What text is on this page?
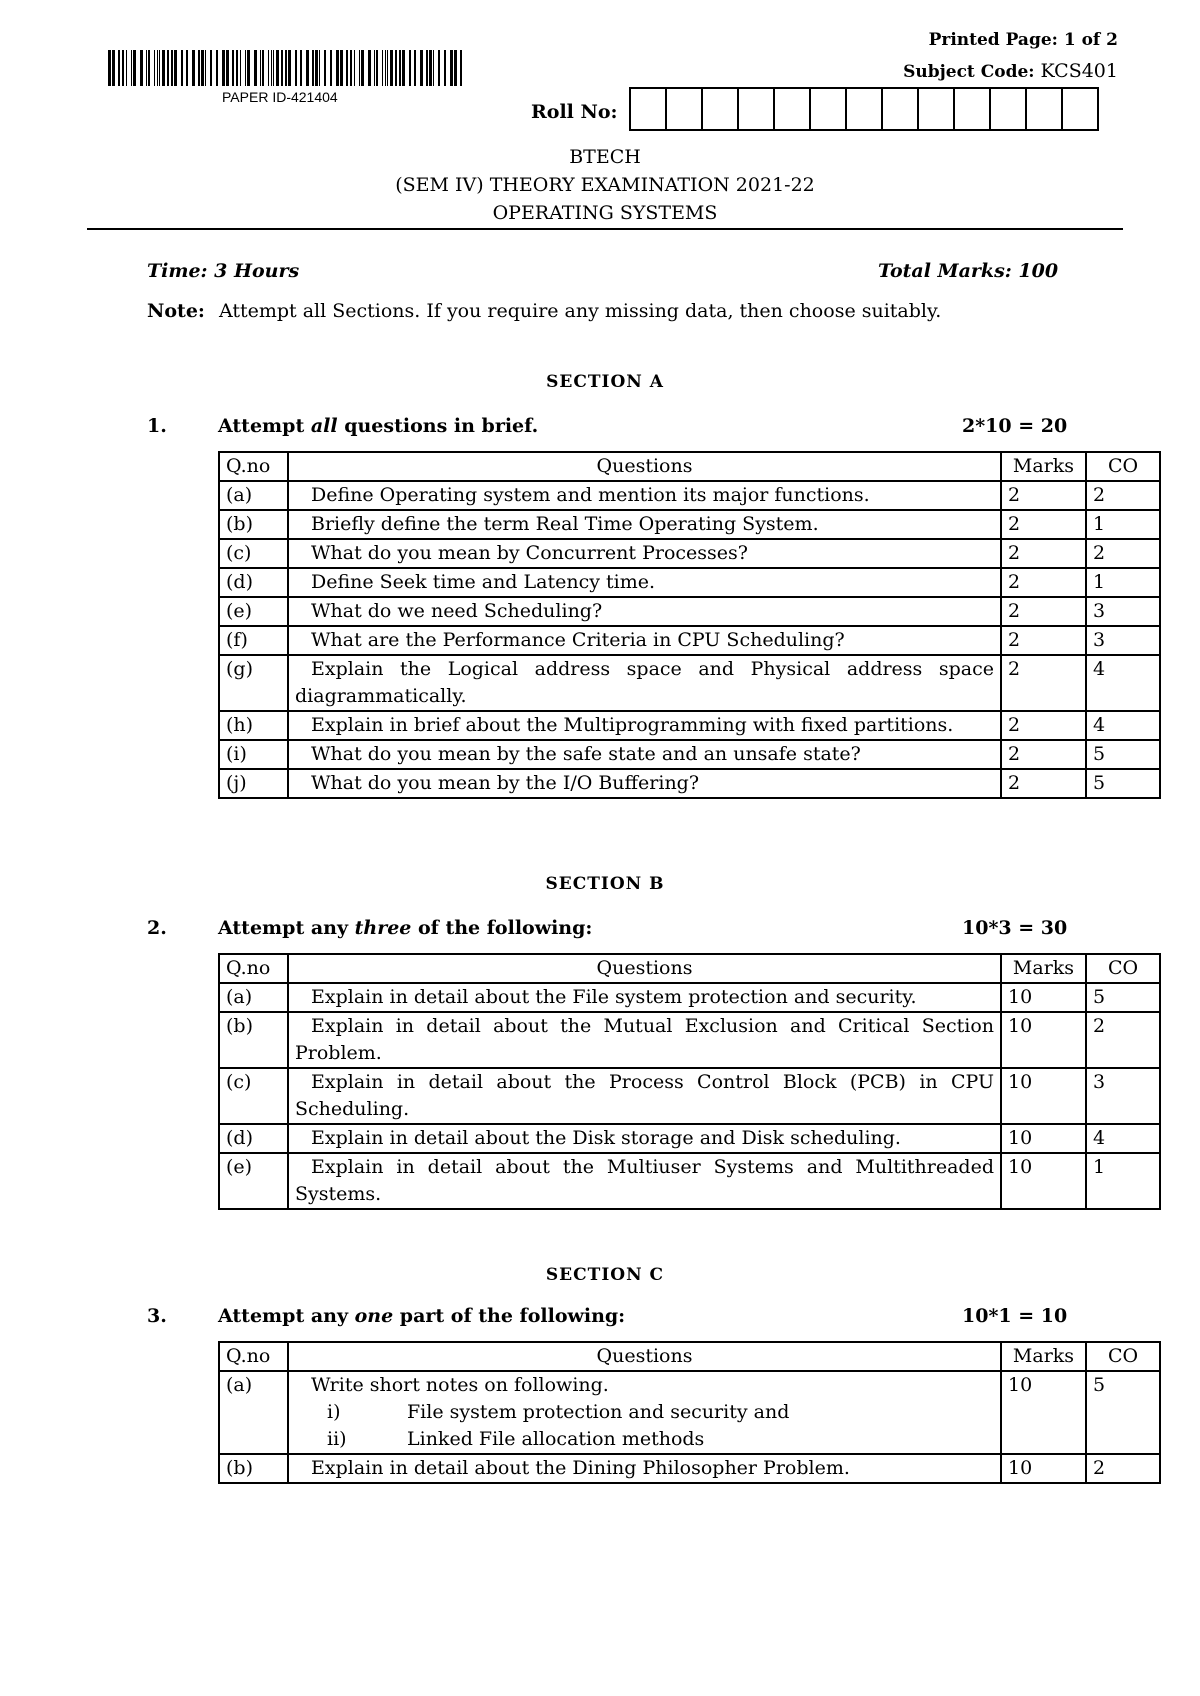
PAPER ID-421404
Printed Page: 1 of 2
Subject Code: KCS401
Roll No:
BTECH
(SEM IV) THEORY EXAMINATION 2021-22
OPERATING SYSTEMS
Time: 3 Hours	Total Marks: 100
Note: Attempt all Sections. If you require any missing data, then choose suitably.
SECTION A
1.	Attempt all questions in brief.	2*10 = 20
Q.no	Questions	Marks	CO
(a)	Define Operating system and mention its major functions.	2	2
(b)	Briefly define the term Real Time Operating System.	2	1
(c)	What do you mean by Concurrent Processes?	2	2
(d)	Define Seek time and Latency time.	2	1
(e)	What do we need Scheduling?	2	3
(f)	What are the Performance Criteria in CPU Scheduling?	2	3
(g)	Explain the Logical address space and Physical address space diagrammatically.	2	4
(h)	Explain in brief about the Multiprogramming with fixed partitions.	2	4
(i)	What do you mean by the safe state and an unsafe state?	2	5
(j)	What do you mean by the I/O Buffering?	2	5
SECTION B
2.	Attempt any three of the following:	10*3 = 30
Q.no	Questions	Marks	CO
(a)	Explain in detail about the File system protection and security.	10	5
(b)	Explain in detail about the Mutual Exclusion and Critical Section Problem.	10	2
(c)	Explain in detail about the Process Control Block (PCB) in CPU Scheduling.	10	3
(d)	Explain in detail about the Disk storage and Disk scheduling.	10	4
(e)	Explain in detail about the Multiuser Systems and Multithreaded Systems.	10	1
SECTION C
3.	Attempt any one part of the following:	10*1 = 10
Q.no	Questions	Marks	CO
(a)	Write short notes on following.
i) File system protection and security and
ii) Linked File allocation methods	10	5
(b)	Explain in detail about the Dining Philosopher Problem.	10	2
